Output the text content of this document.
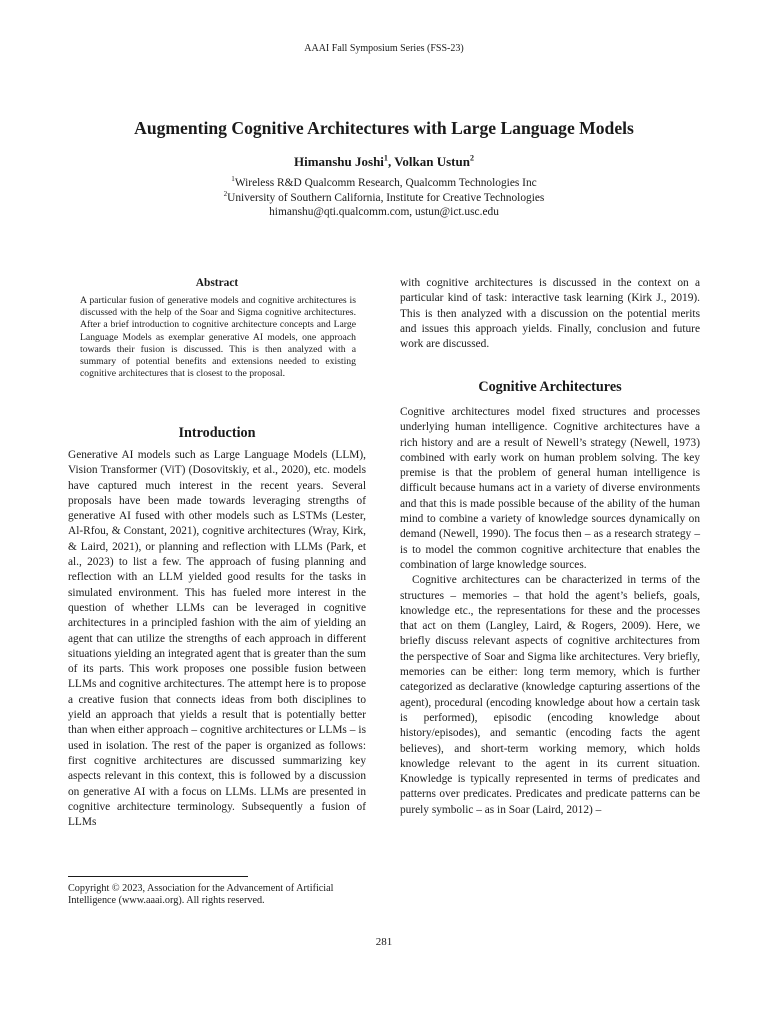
AAAI Fall Symposium Series (FSS-23)
Augmenting Cognitive Architectures with Large Language Models
Himanshu Joshi$^1$, Volkan Ustun$^2$
$^1$Wireless R&D Qualcomm Research, Qualcomm Technologies Inc
$^2$University of Southern California, Institute for Creative Technologies
himanshu@qti.qualcomm.com, ustun@ict.usc.edu
Abstract
A particular fusion of generative models and cognitive architectures is discussed with the help of the Soar and Sigma cognitive architectures. After a brief introduction to cognitive architecture concepts and Large Language Models as exemplar generative AI models, one approach towards their fusion is discussed. This is then analyzed with a summary of potential benefits and extensions needed to existing cognitive architectures that is closest to the proposal.
Introduction

Generative AI models such as Large Language Models (LLM), Vision Transformer (ViT) (Dosovitskiy, et al., 2020), etc. models have captured much interest in the recent years. Several proposals have been made towards leveraging strengths of generative AI fused with other models such as LSTMs (Lester, Al-Rfou, & Constant, 2021), cognitive architectures (Wray, Kirk, & Laird, 2021), or planning and reflection with LLMs (Park, et al., 2023) to list a few. The approach of fusing planning and reflection with an LLM yielded good results for the tasks in simulated environment. This has fueled more interest in the question of whether LLMs can be leveraged in cognitive architectures in a principled fashion with the aim of yielding an agent that can utilize the strengths of each approach in different situations yielding an integrated agent that is greater than the sum of its parts. This work proposes one possible fusion between LLMs and cognitive architectures. The attempt here is to propose a creative fusion that connects ideas from both disciplines to yield an approach that yields a result that is potentially better than when either approach – cognitive architectures or LLMs – is used in isolation. The rest of the paper is organized as follows: first cognitive architectures are discussed summarizing key aspects relevant in this context, this is followed by a discussion on generative AI with a focus on LLMs. LLMs are presented in cognitive architecture terminology. Subsequently a fusion of LLMs

with cognitive architectures is discussed in the context on a particular kind of task: interactive task learning (Kirk J., 2019). This is then analyzed with a discussion on the potential merits and issues this approach yields. Finally, conclusion and future work are discussed.

Cognitive Architectures

Cognitive architectures model fixed structures and processes underlying human intelligence. Cognitive architectures have a rich history and are a result of Newell’s strategy (Newell, 1973) combined with early work on human problem solving. The key premise is that the problem of general human intelligence is difficult because humans act in a variety of diverse environments and that this is made possible because of the ability of the human mind to combine a variety of knowledge sources dynamically on demand (Newell, 1990). The focus then – as a research strategy – is to model the common cognitive architecture that enables the combination of large knowledge sources.

Cognitive architectures can be characterized in terms of the structures – memories – that hold the agent’s beliefs, goals, knowledge etc., the representations for these and the processes that act on them (Langley, Laird, & Rogers, 2009). Here, we briefly discuss relevant aspects of cognitive architectures from the perspective of Soar and Sigma like architectures. Very briefly, memories can be either: long term memory, which is further categorized as declarative (knowledge capturing assertions of the agent), procedural (encoding knowledge about how a certain task is performed), episodic (encoding knowledge about history/episodes), and semantic (encoding facts the agent believes), and short-term working memory, which holds knowledge relevant to the agent in its current situation. Knowledge is typically represented in terms of predicates and patterns over predicates. Predicates and predicate patterns can be purely symbolic – as in Soar (Laird, 2012) –

Copyright © 2023, Association for the Advancement of Artificial Intelligence (www.aaai.org). All rights reserved.
281
